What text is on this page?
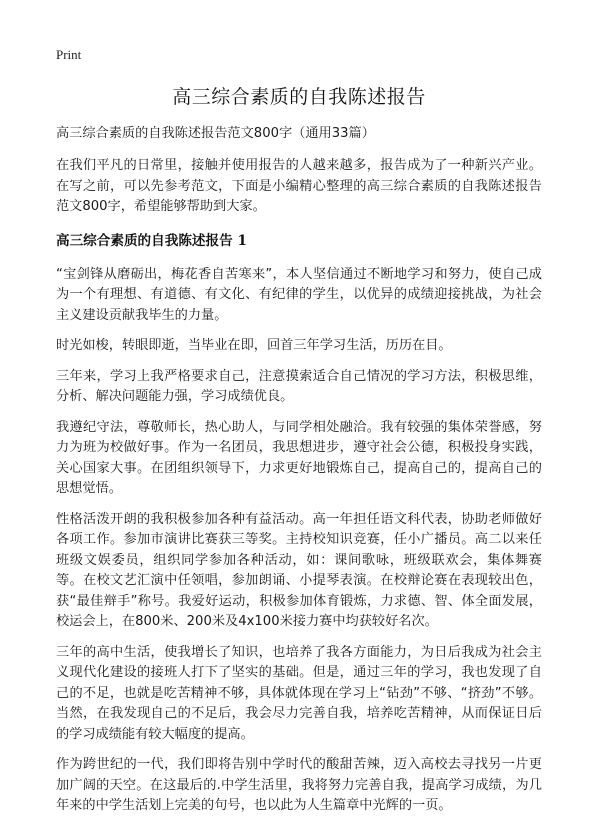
Print
高三综合素质的自我陈述报告

高三综合素质的自我陈述报告范文800字（通用33篇）

在我们平凡的日常里，接触并使用报告的人越来越多，报告成为了一种新兴产业。在写之前，可以先参考范文，下面是小编精心整理的高三综合素质的自我陈述报告范文800字，希望能够帮助到大家。

高三综合素质的自我陈述报告 1

“宝剑锋从磨砺出，梅花香自苦寒来”，本人坚信通过不断地学习和努力，使自己成为一个有理想、有道德、有文化、有纪律的学生，以优异的成绩迎接挑战，为社会主义建设贡献我毕生的力量。

时光如梭，转眼即逝，当毕业在即，回首三年学习生活，历历在目。

三年来，学习上我严格要求自己，注意摸索适合自己情况的学习方法，积极思维，分析、解决问题能力强，学习成绩优良。

我遵纪守法，尊敬师长，热心助人，与同学相处融洽。我有较强的集体荣誉感，努力为班为校做好事。作为一名团员，我思想进步，遵守社会公德，积极投身实践，关心国家大事。在团组织领导下，力求更好地锻炼自己，提高自己的，提高自己的思想觉悟。

性格活泼开朗的我积极参加各种有益活动。高一年担任语文科代表，协助老师做好各项工作。参加市演讲比赛获三等奖。主持校知识竞赛，任小广播员。高二以来任班级文娱委员，组织同学参加各种活动，如：课间歌咏，班级联欢会，集体舞赛等。在校文艺汇演中任领唱，参加朗诵、小提琴表演。在校辩论赛在表现较出色，获“最佳辩手”称号。我爱好运动，积极参加体育锻炼，力求德、智、体全面发展，校运会上，在800米、200米及4x100米接力赛中均获较好名次。

三年的高中生活，使我增长了知识，也培养了我各方面能力，为日后我成为社会主义现代化建设的接班人打下了坚实的基础。但是，通过三年的学习，我也发现了自己的不足，也就是吃苦精神不够，具体就体现在学习上“钻劲”不够、“挤劲”不够。当然，在我发现自己的不足后，我会尽力完善自我，培养吃苦精神，从而保证日后的学习成绩能有较大幅度的提高。

作为跨世纪的一代，我们即将告别中学时代的酸甜苦辣，迈入高校去寻找另一片更加广阔的天空。在这最后的.中学生活里，我将努力完善自我，提高学习成绩，为几年来的中学生活划上完美的句号，也以此为人生篇章中光辉的一页。
